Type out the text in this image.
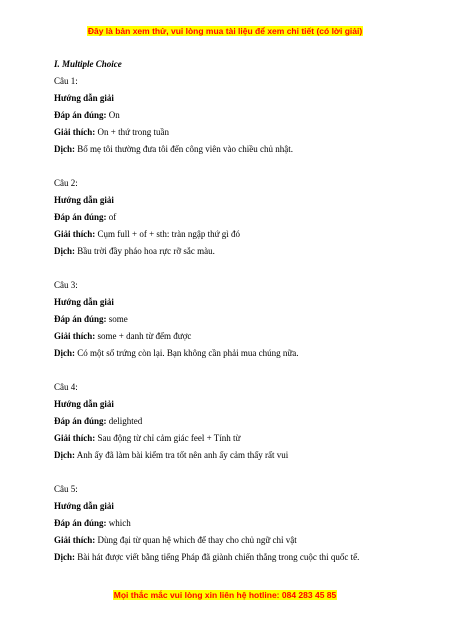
Đây là bản xem thử, vui lòng mua tài liệu để xem chi tiết (có lời giải)
I. Multiple Choice
Câu 1:
Hướng dẫn giải
Đáp án đúng: On
Giải thích: On + thứ trong tuần
Dịch: Bố mẹ tôi thường đưa tôi đến công viên vào chiều chủ nhật.
Câu 2:
Hướng dẫn giải
Đáp án đúng: of
Giải thích: Cụm full + of + sth: tràn ngập thứ gì đó
Dịch: Bầu trời đầy pháo hoa rực rỡ sắc màu.
Câu 3:
Hướng dẫn giải
Đáp án đúng: some
Giải thích: some + danh từ đếm được
Dịch: Có một số trứng còn lại. Bạn không cần phải mua chúng nữa.
Câu 4:
Hướng dẫn giải
Đáp án đúng: delighted
Giải thích: Sau động từ chỉ cảm giác feel + Tính từ
Dịch: Anh ấy đã làm bài kiểm tra tốt nên anh ấy cảm thấy rất vui
Câu 5:
Hướng dẫn giải
Đáp án đúng: which
Giải thích: Dùng đại từ quan hệ which để thay cho chủ ngữ chỉ vật
Dịch: Bài hát được viết bằng tiếng Pháp đã giành chiến thắng trong cuộc thi quốc tế.
Mọi thắc mắc vui lòng xin liên hệ hotline: 084 283 45 85
